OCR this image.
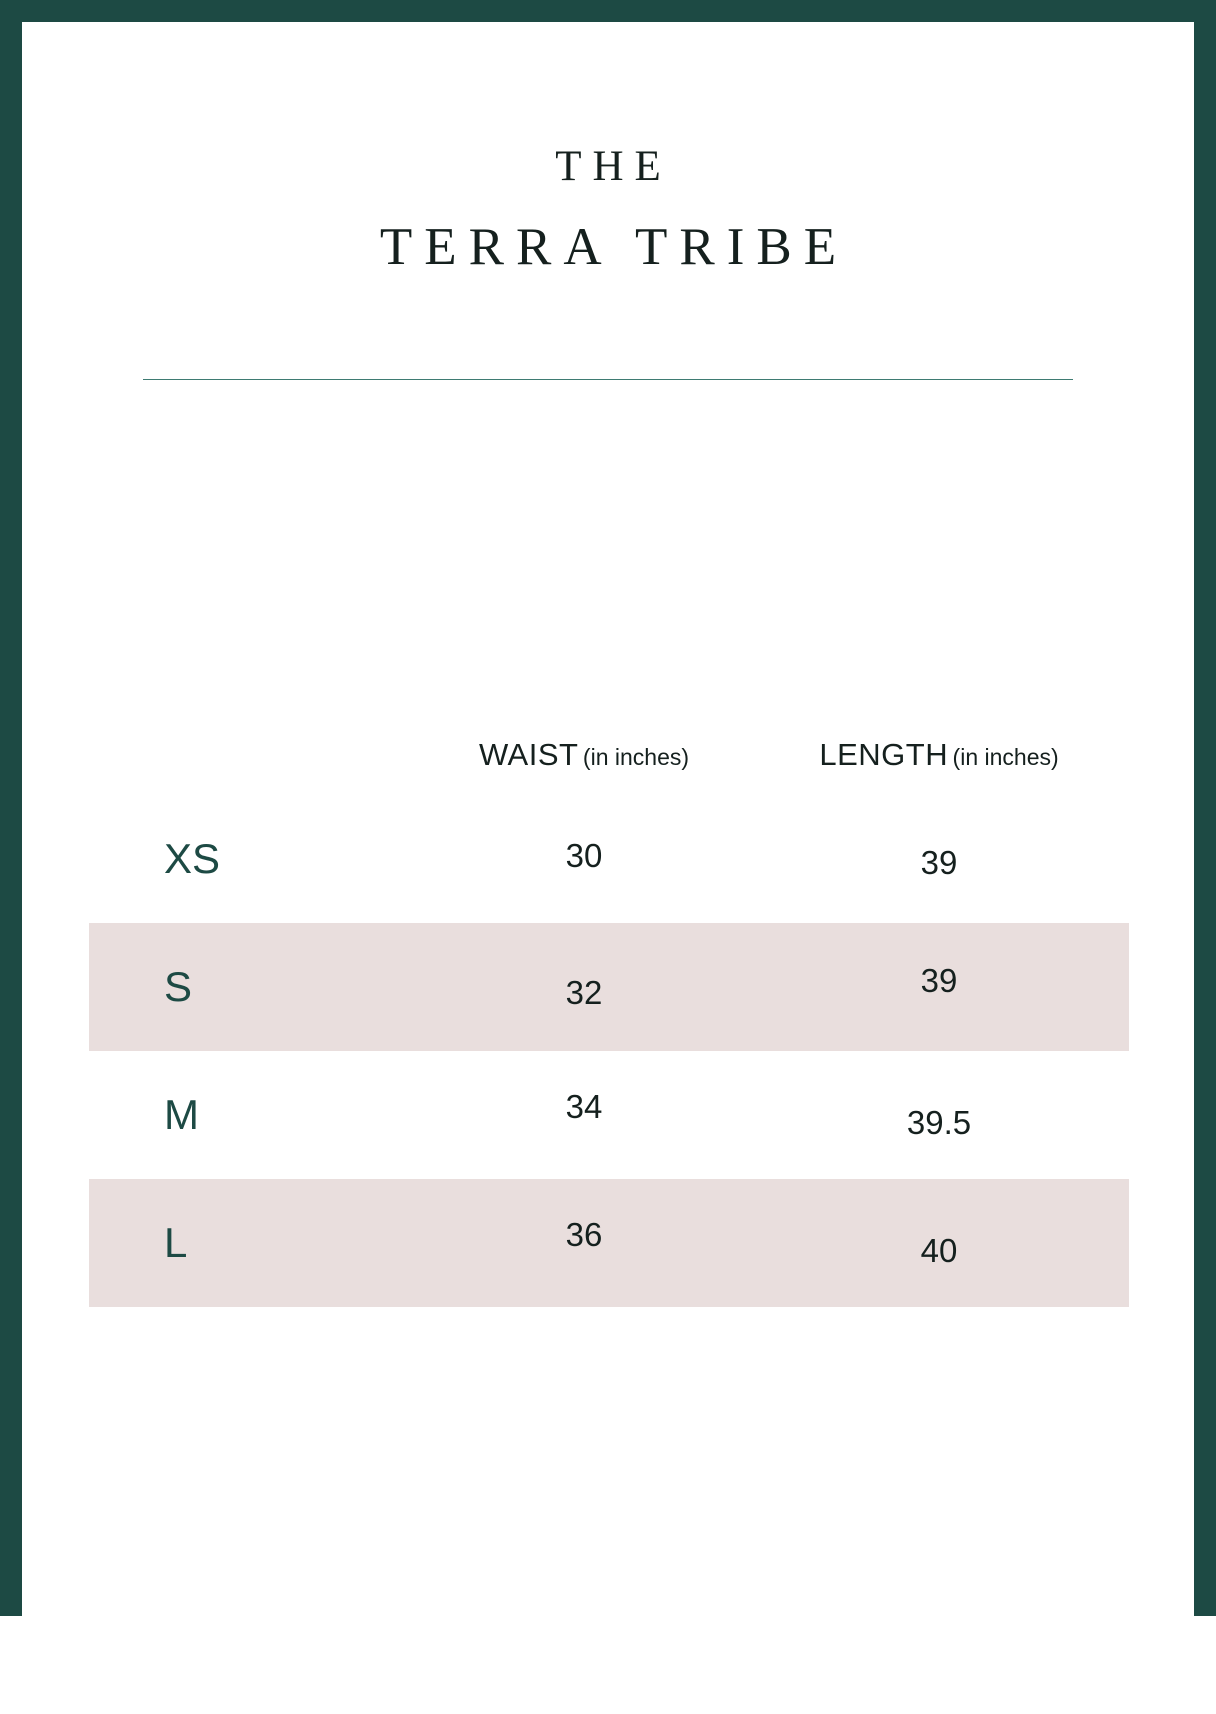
THE
TERRA TRIBE
	WAIST (in inches)	LENGTH (in inches)
XS	30	39
S	32	39
M	34	39.5
L	36	40
